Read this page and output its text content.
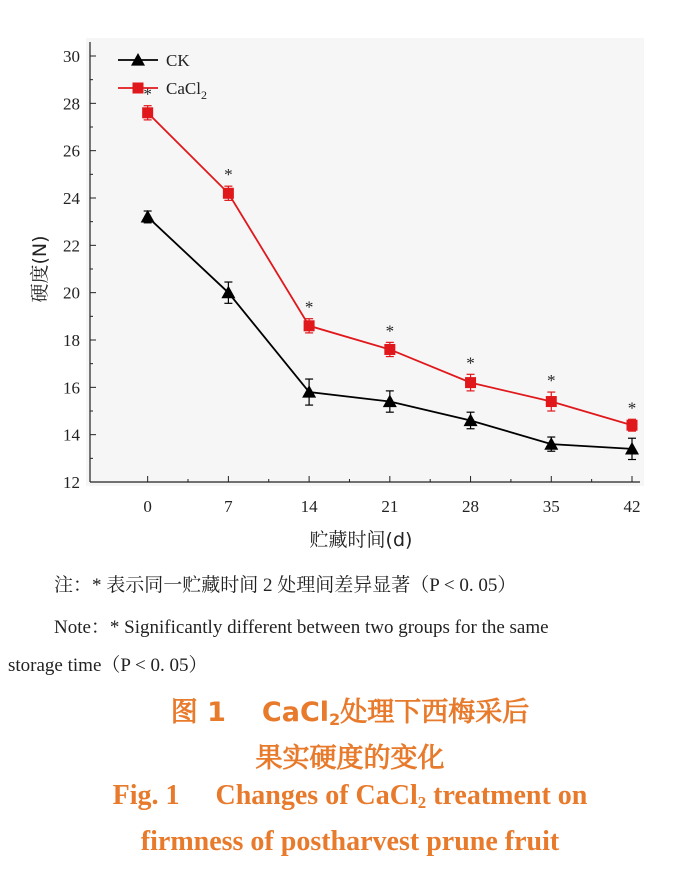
12
14
16
18
20
22
24
26
28
30
0	7	14	21	28	35	42
贮藏时间(d)
硬度(N)
*
*
*
*
*
*
*
CK
CaCl$_2$
注：* 表示同一贮藏时间 2 处理间差异显著（P < 0. 05）
Note：* Significantly different between two groups for the same
storage time（P < 0. 05）
图 1 CaCl$_2$处理下西梅采后
果实硬度的变化
Fig. 1 Changes of CaCl$_2$ treatment on
firmness of postharvest prune fruit
